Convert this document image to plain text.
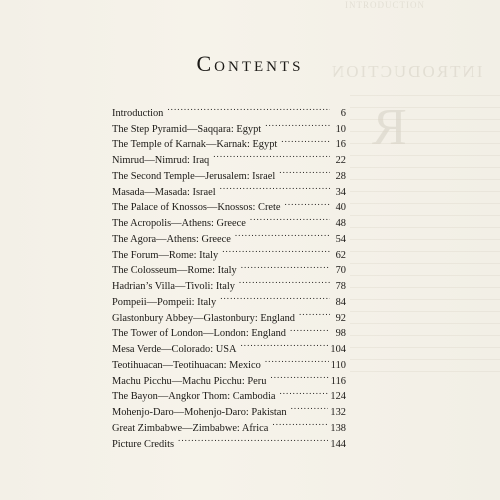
INTRODUCTION
INTRODUCTION
R
Contents
Introduction . . .	6
The Step Pyramid—Saqqara: Egypt . . .	10
The Temple of Karnak—Karnak: Egypt . . .	16
Nimrud—Nimrud: Iraq . . .	22
The Second Temple—Jerusalem: Israel . . .	28
Masada—Masada: Israel . . .	34
The Palace of Knossos—Knossos: Crete . . .	40
The Acropolis—Athens: Greece . . .	48
The Agora—Athens: Greece . . .	54
The Forum—Rome: Italy . . .	62
The Colosseum—Rome: Italy . . .	70
Hadrian’s Villa—Tivoli: Italy . . .	78
Pompeii—Pompeii: Italy . . .	84
Glastonbury Abbey—Glastonbury: England . . .	92
The Tower of London—London: England . . .	98
Mesa Verde—Colorado: USA . . .	104
Teotihuacan—Teotihuacan: Mexico . . .	110
Machu Picchu—Machu Picchu: Peru . . .	116
The Bayon—Angkor Thom: Cambodia . . .	124
Mohenjo-Daro—Mohenjo-Daro: Pakistan . . .	132
Great Zimbabwe—Zimbabwe: Africa . . .	138
Picture Credits . . .	144
